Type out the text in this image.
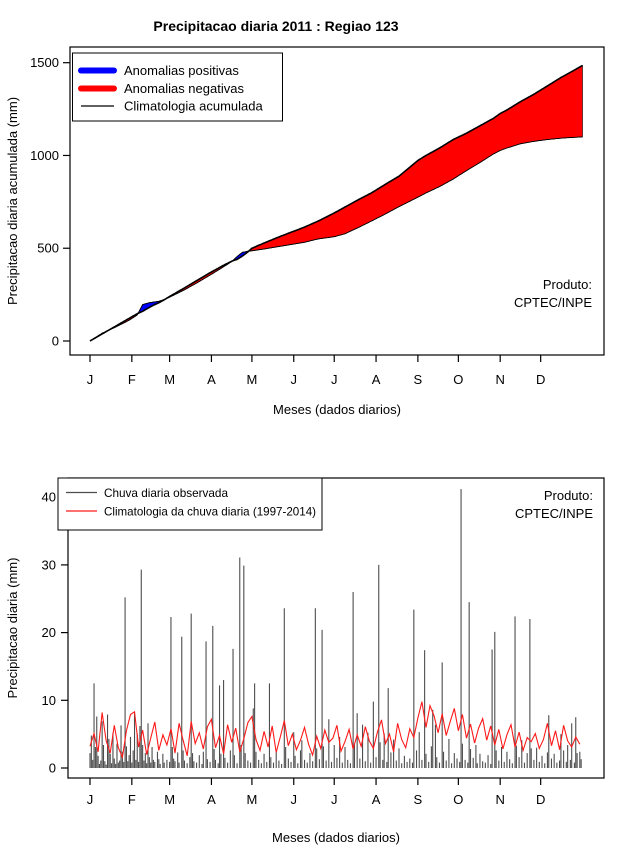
Precipitacao diaria 2011 : Regiao 123
Precipitacao diaria acumulada (mm)
Meses (dados diarios)
0
500
1000
1500
J	F M A M	J	J	A	S O N D
Anomalias positivas
Anomalias negativas
Climatologia acumulada
Produto:
CPTEC/INPE
Precipitacao diaria (mm)
Meses (dados diarios)
0
10
20
30
40
J	F M A M	J	J	A	S O N D
Chuva diaria observada
Climatologia da chuva diaria (1997-2014)
Produto:
CPTEC/INPE
